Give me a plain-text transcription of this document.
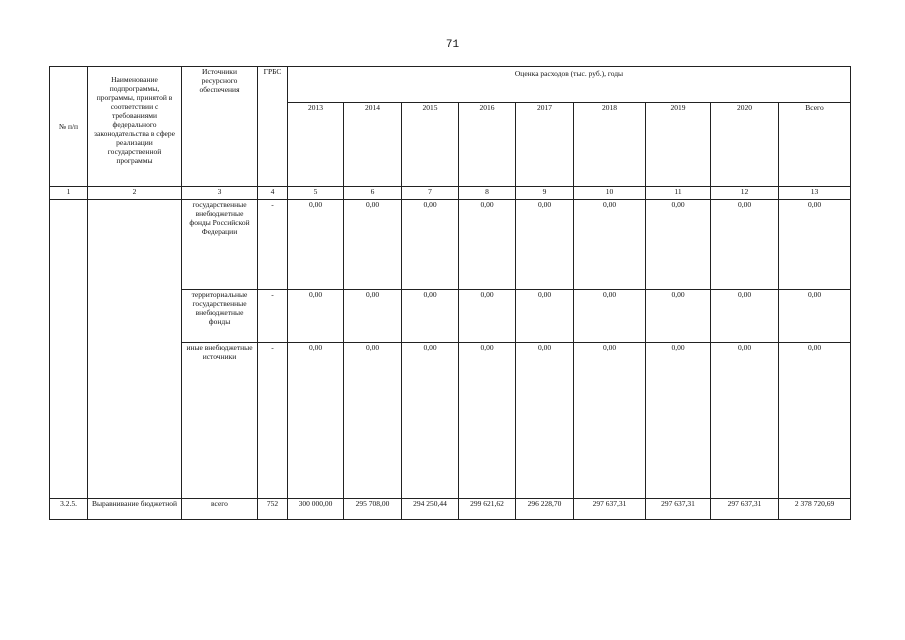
71
№ п/п	Наименование подпрограммы, программы, принятой в соответствии с требованиями федерального законодательства в сфере реализации государственной программы	Источники ресурсного обеспечения	ГРБС	Оценка расходов (тыс. руб.), годы								
				2013	2014	2015	2016	2017	2018	2019	2020	Всего
1	2	3	4	5	6	7	8	9	10	11	12	13
		государственные внебюджетные фонды Российской Федерации	-	0,00	0,00	0,00	0,00	0,00	0,00	0,00	0,00	0,00
		территориальные государственные внебюджетные фонды	-	0,00	0,00	0,00	0,00	0,00	0,00	0,00	0,00	0,00
		иные внебюджетные источники	-	0,00	0,00	0,00	0,00	0,00	0,00	0,00	0,00	0,00
3.2.5.	Выравнивание бюджетной	всего	752	300 000,00	295 708,00	294 250,44	299 621,62	296 228,70	297 637,31	297 637,31	297 637,31	2 378 720,69
